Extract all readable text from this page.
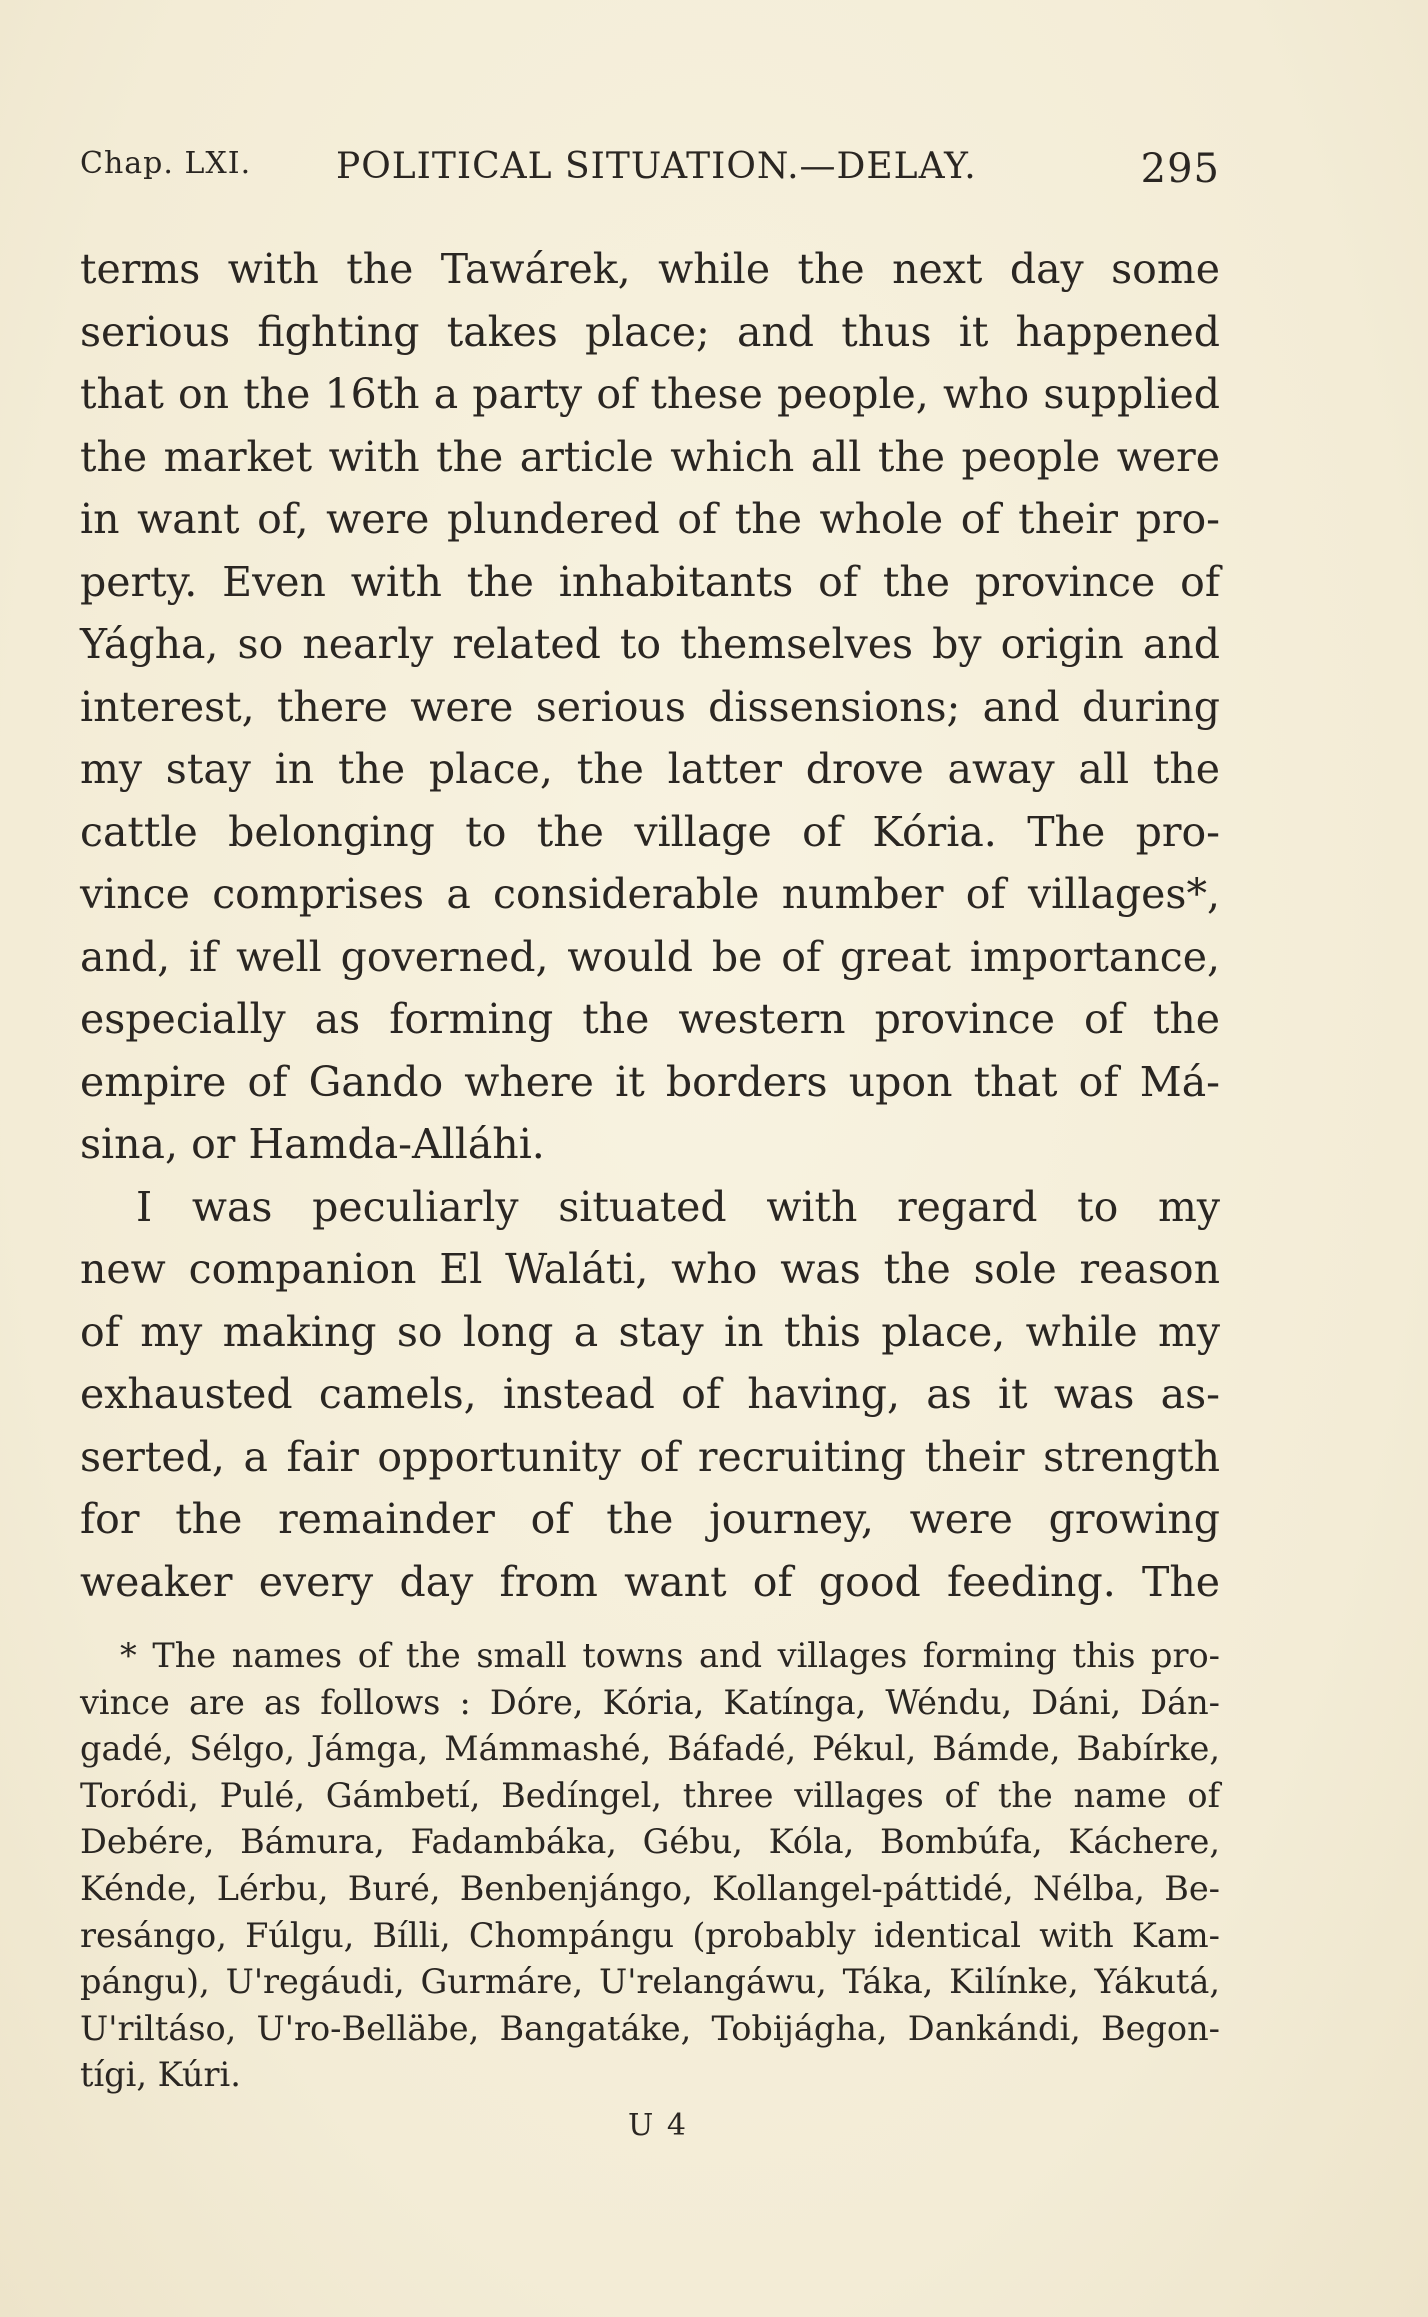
Chap. LXI. POLITICAL SITUATION.—DELAY.	295
terms with the Tawárek, while the next day some
serious fighting takes place; and thus it happened
that on the 16th a party of these people, who supplied
the market with the article which all the people were
in want of, were plundered of the whole of their pro-
perty. Even with the inhabitants of the province of
Yágha, so nearly related to themselves by origin and
interest, there were serious dissensions; and during
my stay in the place, the latter drove away all the
cattle belonging to the village of Kória. The pro-
vince comprises a considerable number of villages*,
and, if well governed, would be of great importance,
especially as forming the western province of the
empire of Gando where it borders upon that of Má-
sina, or Hamda-Alláhi.
I was peculiarly situated with regard to my
new companion El Waláti, who was the sole reason
of my making so long a stay in this place, while my
exhausted camels, instead of having, as it was as-
serted, a fair opportunity of recruiting their strength
for the remainder of the journey, were growing
weaker every day from want of good feeding. The
* The names of the small towns and villages forming this pro-
vince are as follows : Dóre, Kória, Katínga, Wéndu, Dáni, Dán-
gadé, Sélgo, Jámga, Mámmashé, Báfadé, Pékul, Bámde, Babírke,
Toródi, Pulé, Gámbetí, Bedíngel, three villages of the name of
Debére, Bámura, Fadambáka, Gébu, Kóla, Bombúfa, Káchere,
Kénde, Lérbu, Buré, Benbenjángo, Kollangel-páttidé, Nélba, Be-
resángo, Fúlgu, Bílli, Chompángu (probably identical with Kam-
pángu), U'regáudi, Gurmáre, U'relangáwu, Táka, Kilínke, Yákutá,
U'riltáso, U'ro-Belläbe, Bangatáke, Tobijágha, Dankándi, Begon-
tígi, Kúri.
U 4
